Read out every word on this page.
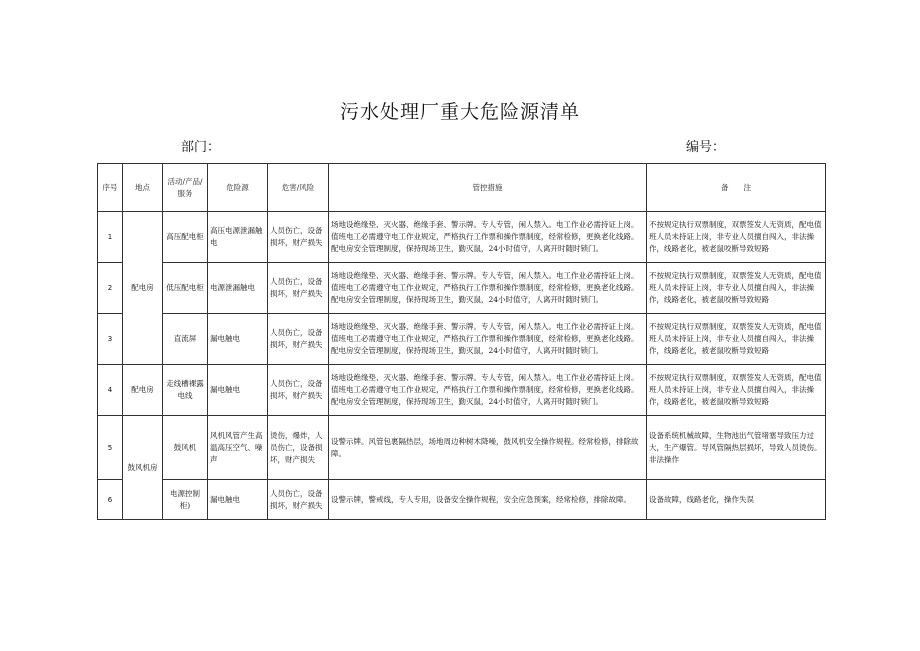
污水处理厂重大危险源清单
部门：	编号：
序号	地点	活动/产品/服务	危险源	危害/风险	管控措施	备　　注
1	配电房	高压配电柜	高压电源泄漏触电	人员伤亡，设备损坏，财产损失	场地设绝缘垫、灭火器、绝缘手套、警示牌。专人专管，闲人禁入。电工作业必需持证上岗。值班电工必需遵守电工作业规定，严格执行工作票和操作票制度，经常检修，更换老化线路。配电房安全管理制度，保持现场卫生，勤灭鼠，24小时值守，人离开时随时锁门。	不按规定执行双票制度，双票签发人无资质，配电值班人员未持证上岗，非专业人员擅自闯入，非法操作，线路老化，被老鼠咬断导致短路
2		低压配电柜	电源泄漏触电	人员伤亡，设备损坏，财产损失	场地设绝缘垫、灭火器、绝缘手套、警示牌。专人专管，闲人禁入。电工作业必需持证上岗。值班电工必需遵守电工作业规定，严格执行工作票和操作票制度，经常检修，更换老化线路。配电房安全管理制度，保持现场卫生，勤灭鼠，24小时值守，人离开时随时锁门。	不按规定执行双票制度，双票签发人无资质，配电值班人员未持证上岗，非专业人员擅自闯入，非法操作，线路老化，被老鼠咬断导致短路
3		直流屏	漏电触电	人员伤亡，设备损坏，财产损失	场地设绝缘垫、灭火器、绝缘手套、警示牌。专人专管，闲人禁入。电工作业必需持证上岗。值班电工必需遵守电工作业规定，严格执行工作票和操作票制度，经常检修，更换老化线路。配电房安全管理制度，保持现场卫生，勤灭鼠，24小时值守，人离开时随时锁门。	不按规定执行双票制度，双票签发人无资质，配电值班人员未持证上岗，非专业人员擅自闯入，非法操作，线路老化，被老鼠咬断导致短路
4	配电房	走线槽裸露电线	漏电触电	人员伤亡，设备损坏，财产损失	场地设绝缘垫、灭火器、绝缘手套、警示牌。专人专管，闲人禁入。电工作业必需持证上岗。值班电工必需遵守电工作业规定，严格执行工作票和操作票制度，经常检修，更换老化线路。配电房安全管理制度，保持现场卫生，勤灭鼠，24小时值守，人离开时随时锁门。	不按规定执行双票制度，双票签发人无资质，配电值班人员未持证上岗，非专业人员擅自闯入，非法操作，线路老化，被老鼠咬断导致短路
5	鼓风机房	鼓风机	风机风管产生高温高压空气、噪声	烫伤，爆炸，人员伤亡，设备损坏，财产损失	设警示牌。风管包裹隔热层，场地周边种树木降噪，鼓风机安全操作规程。经常检修，排除故障。	设备系统机械故障，生物池出气管堵塞导致压力过大，生产爆管。导风管隔热层损坏，导致人员烫伤。非法操作
6		电源控制柜)	漏电触电	人员伤亡，设备损坏，财产损失	设警示牌，警戒线，专人专用，设备安全操作规程，安全应急预案，经常检修，排除故障。	设备故障，线路老化，操作失误
